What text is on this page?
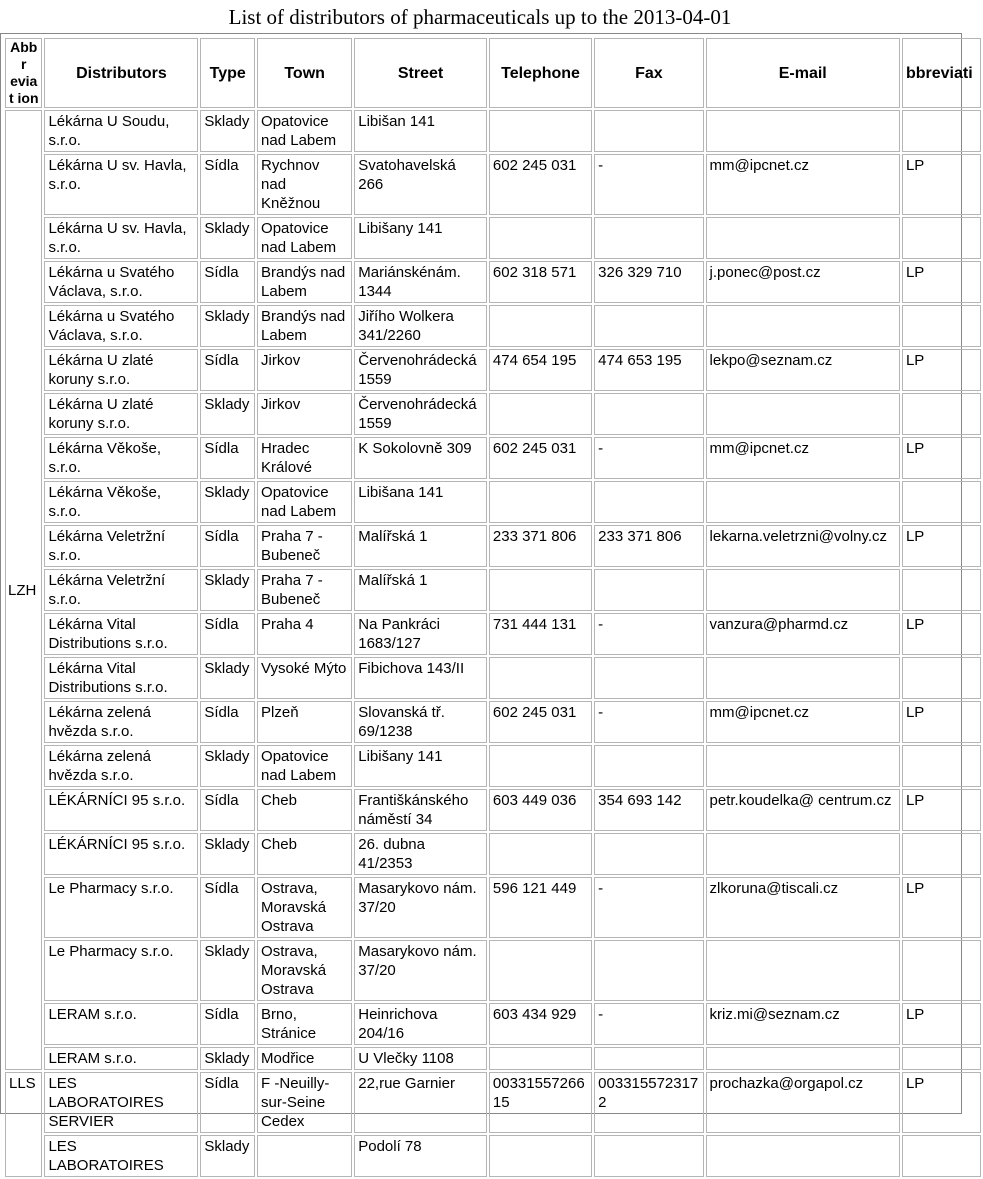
List of distributors of pharmaceuticals up to the 2013-04-01
Abbr eviat ion	Distributors	Type	Town	Street	Telephone	Fax	E-mail	bbreviati
LZH	Lékárna U Soudu, s.r.o.	Sklady	Opatovice nad Labem	Libišan 141				
	Lékárna U sv. Havla, s.r.o.	Sídla	Rychnov nad Kněžnou	Svatohavelská 266	602 245 031	-	mm@ipcnet.cz	LP
	Lékárna U sv. Havla, s.r.o.	Sklady	Opatovice nad Labem	Libišany 141				
	Lékárna u Svatého Václava, s.r.o.	Sídla	Brandýs nad Labem	Mariánskénám. 1344	602 318 571	326 329 710	j.ponec@post.cz	LP
	Lékárna u Svatého Václava, s.r.o.	Sklady	Brandýs nad Labem	Jiřího Wolkera 341/2260				
	Lékárna U zlaté koruny s.r.o.	Sídla	Jirkov	Červenohrádecká 1559	474 654 195	474 653 195	lekpo@seznam.cz	LP
	Lékárna U zlaté koruny s.r.o.	Sklady	Jirkov	Červenohrádecká 1559				
	Lékárna Věkoše, s.r.o.	Sídla	Hradec Králové	K Sokolovně 309	602 245 031	-	mm@ipcnet.cz	LP
	Lékárna Věkoše, s.r.o.	Sklady	Opatovice nad Labem	Libišana 141				
	Lékárna Veletržní s.r.o.	Sídla	Praha 7 - Bubeneč	Malířská 1	233 371 806	233 371 806	lekarna.veletrzni@volny.cz	LP
	Lékárna Veletržní s.r.o.	Sklady	Praha 7 - Bubeneč	Malířská 1				
	Lékárna Vital Distributions s.r.o.	Sídla	Praha 4	Na Pankráci 1683/127	731 444 131	-	vanzura@pharmd.cz	LP
	Lékárna Vital Distributions s.r.o.	Sklady	Vysoké Mýto	Fibichova 143/II				
	Lékárna zelená hvězda s.r.o.	Sídla	Plzeň	Slovanská tř. 69/1238	602 245 031	-	mm@ipcnet.cz	LP
	Lékárna zelená hvězda s.r.o.	Sklady	Opatovice nad Labem	Libišany 141				
	LÉKÁRNÍCI 95 s.r.o.	Sídla	Cheb	Františkánského náměstí 34	603 449 036	354 693 142	petr.koudelka@ centrum.cz	LP
	LÉKÁRNÍCI 95 s.r.o.	Sklady	Cheb	26. dubna 41/2353				
	Le Pharmacy s.r.o.	Sídla	Ostrava, Moravská Ostrava	Masarykovo nám. 37/20	596 121 449	-	zlkoruna@tiscali.cz	LP
	Le Pharmacy s.r.o.	Sklady	Ostrava, Moravská Ostrava	Masarykovo nám. 37/20				
	LERAM s.r.o.	Sídla	Brno, Stránice	Heinrichova 204/16	603 434 929	-	kriz.mi@seznam.cz	LP
	LERAM s.r.o.	Sklady	Modřice	U Vlečky 1108				
LLS	LES LABORATOIRES SERVIER	Sídla	F -Neuilly-sur-Seine Cedex	22,rue Garnier	0033155726615	0033155723172	prochazka@orgapol.cz	LP
	LES LABORATOIRES	Sklady		Podolí 78				
